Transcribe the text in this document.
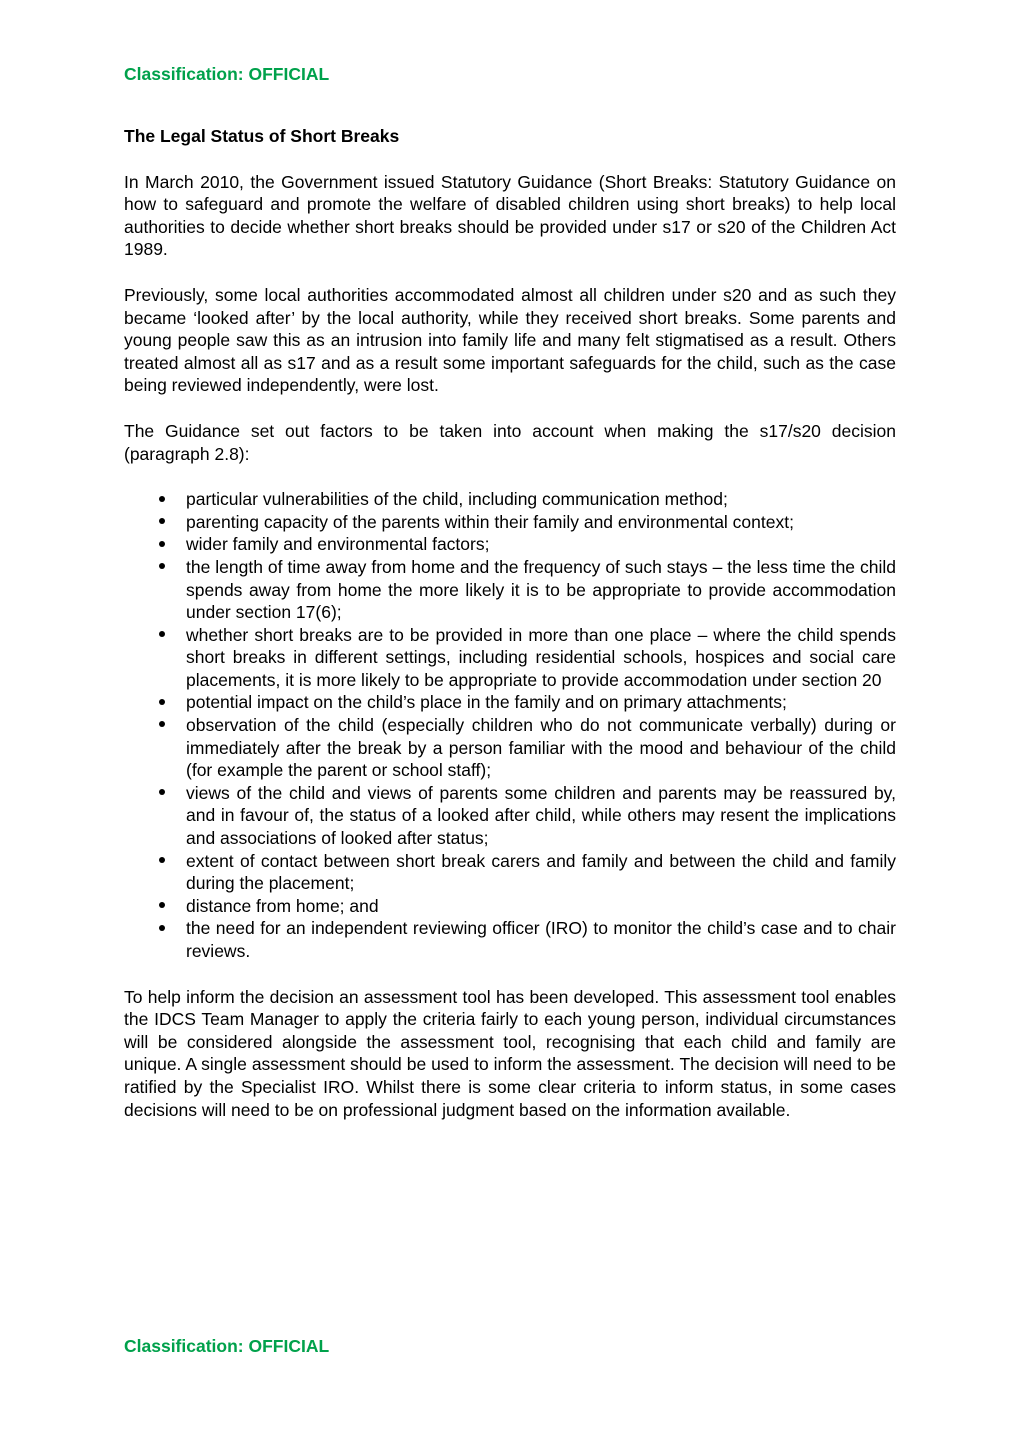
Classification: OFFICIAL
The Legal Status of Short Breaks

In March 2010, the Government issued Statutory Guidance (Short Breaks: Statutory Guidance on how to safeguard and promote the welfare of disabled children using short breaks) to help local authorities to decide whether short breaks should be provided under s17 or s20 of the Children Act 1989.

Previously, some local authorities accommodated almost all children under s20 and as such they became ‘looked after’ by the local authority, while they received short breaks. Some parents and young people saw this as an intrusion into family life and many felt stigmatised as a result. Others treated almost all as s17 and as a result some important safeguards for the child, such as the case being reviewed independently, were lost.

The Guidance set out factors to be taken into account when making the s17/s20 decision (paragraph 2.8):

particular vulnerabilities of the child, including communication method;
parenting capacity of the parents within their family and environmental context;
wider family and environmental factors;
the length of time away from home and the frequency of such stays – the less time the child spends away from home the more likely it is to be appropriate to provide accommodation under section 17(6);
whether short breaks are to be provided in more than one place – where the child spends short breaks in different settings, including residential schools, hospices and social care placements, it is more likely to be appropriate to provide accommodation under section 20
potential impact on the child’s place in the family and on primary attachments;
observation of the child (especially children who do not communicate verbally) during or immediately after the break by a person familiar with the mood and behaviour of the child (for example the parent or school staff);
views of the child and views of parents some children and parents may be reassured by, and in favour of, the status of a looked after child, while others may resent the implications and associations of looked after status;
extent of contact between short break carers and family and between the child and family during the placement;
distance from home; and
the need for an independent reviewing officer (IRO) to monitor the child’s case and to chair reviews.

To help inform the decision an assessment tool has been developed. This assessment tool enables the IDCS Team Manager to apply the criteria fairly to each young person, individual circumstances will be considered alongside the assessment tool, recognising that each child and family are unique. A single assessment should be used to inform the assessment. The decision will need to be ratified by the Specialist IRO. Whilst there is some clear criteria to inform status, in some cases decisions will need to be on professional judgment based on the information available.

Classification: OFFICIAL
